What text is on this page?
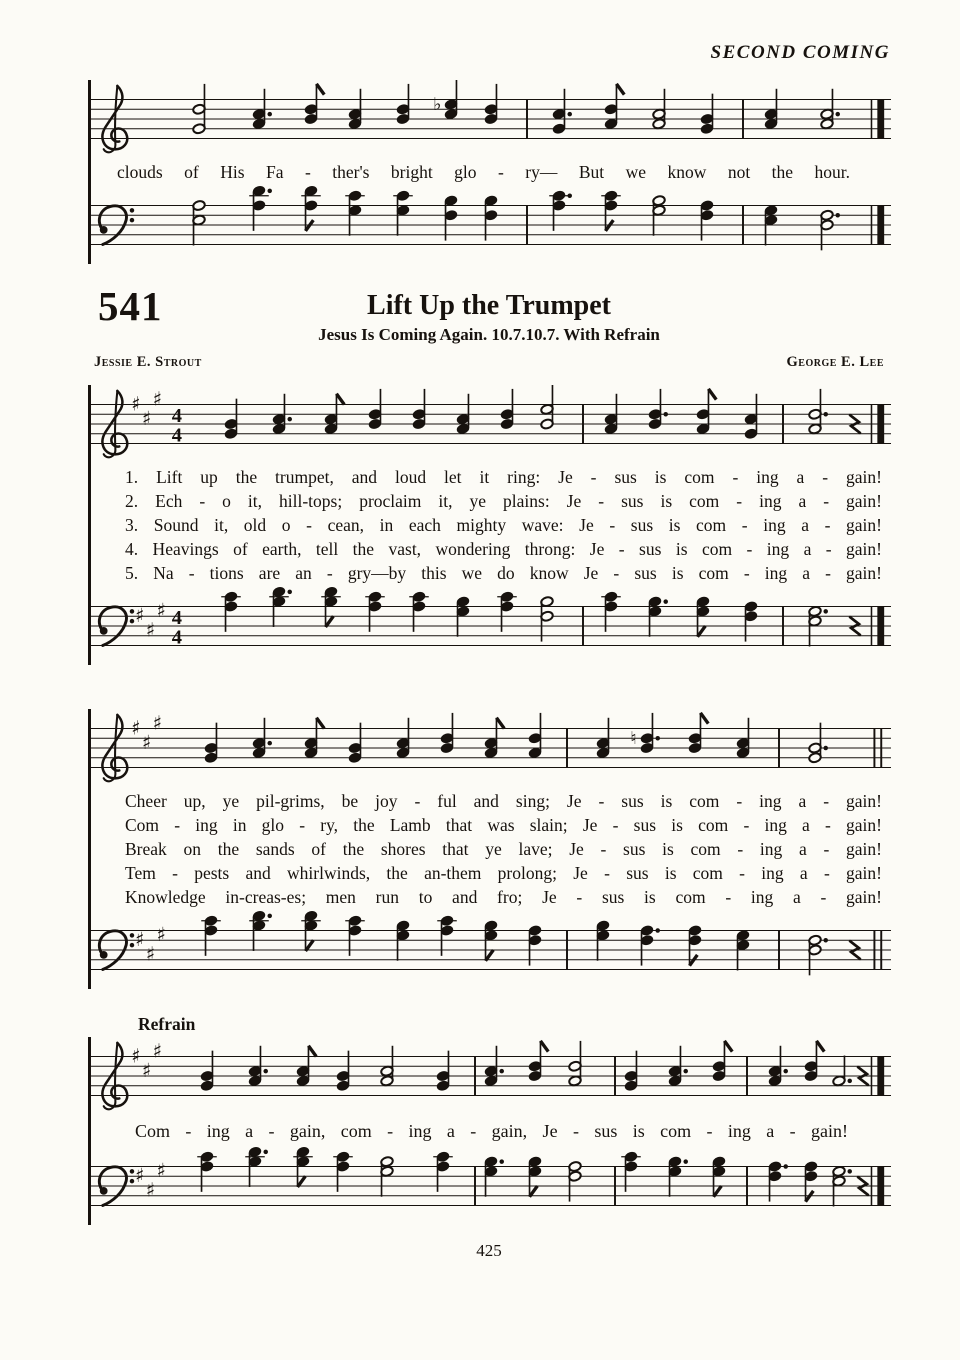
SECOND COMING
♭
clouds of His Fa - ther's bright glo - ry— But we know not the hour.
541	Lift Up the Trumpet
Jesus Is Coming Again. 10.7.10.7. With Refrain
Jessie E. Strout	George E. Lee
♯
♯
♯
4
4
1. Lift up the trumpet, and loud let it ring: Je - sus is com - ing a - gain!
2. Ech - o it, hill-tops; proclaim it, ye plains: Je - sus is com - ing a - gain!
3. Sound it, old o - cean, in each mighty wave: Je - sus is com - ing a - gain!
4. Heavings of earth, tell the vast, wondering throng: Je - sus is com - ing a - gain!
5. Na - tions are an - gry—by this we do know Je - sus is com - ing a - gain!
♯
♯
♯ 4
4
♯
♯
♯
♮
Cheer up, ye pil-grims, be joy - ful and sing; Je - sus is com - ing a - gain!
Com - ing in glo - ry, the Lamb that was slain; Je - sus is com - ing a - gain!
Break on the sands of the shores that ye lave; Je - sus is com - ing a - gain!
Tem - pests and whirlwinds, the an-them prolong; Je - sus is com - ing a - gain!
Knowledge in-creas-es; men run to and fro; Je - sus is com - ing a - gain!
♯
♯
♯
Refrain
♯
♯
♯
Com - ing a - gain, com - ing a - gain, Je - sus is com - ing a - gain!
♯
♯
♯
425
